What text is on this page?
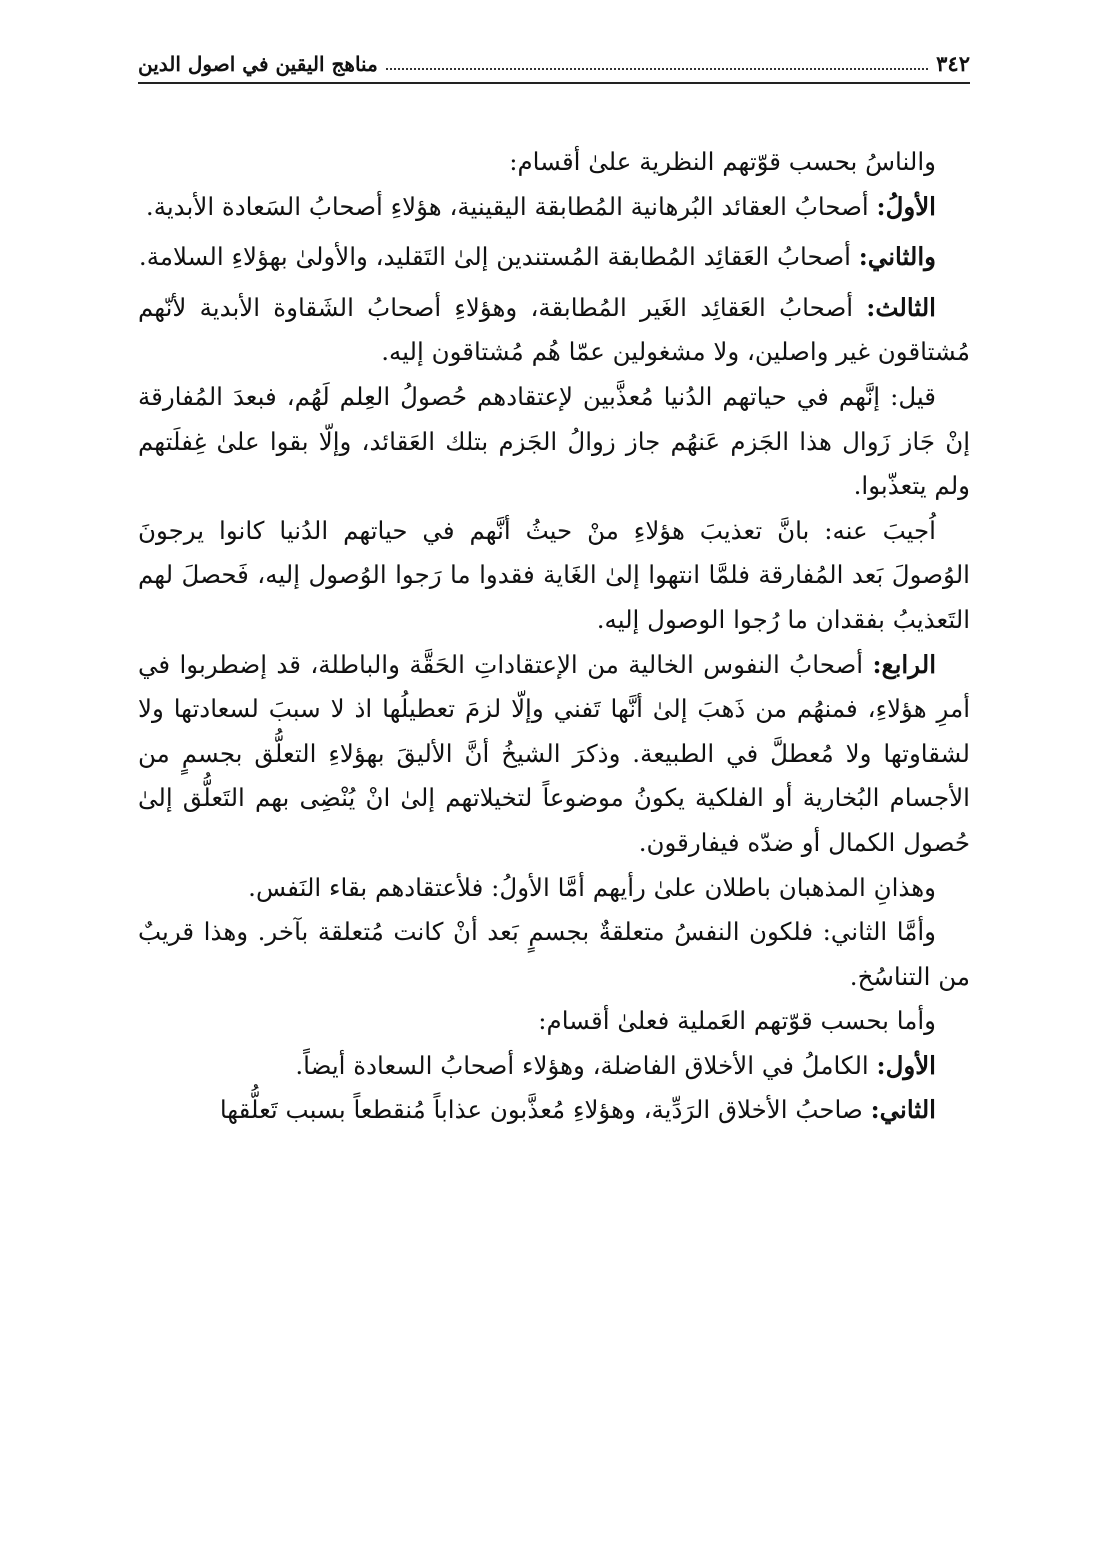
٣٤٢
مناهج اليقين في اصول الدين

والناسُ بحسب قوّتهم النظرية علىٰ أقسام:

الأولُ: أصحابُ العقائد البُرهانية المُطابقة اليقينية، هؤلاءِ أصحابُ السَعادة الأبدية.

والثاني: أصحابُ العَقائِد المُطابقة المُستندين إلىٰ التَقليد، والأولىٰ بهؤلاءِ السلامة.

الثالث: أصحابُ العَقائِد الغَير المُطابقة، وهؤلاءِ أصحابُ الشَقاوة الأبدية لأنّهم مُشتاقون غير واصلين، ولا مشغولين عمّا هُم مُشتاقون إليه.

قيل: إنَّهم في حياتهم الدُنيا مُعذَّبين لإعتقادهم حُصولُ العِلم لَهُم، فبعدَ المُفارقة إنْ جَاز زَوال هذا الجَزم عَنهُم جاز زوالُ الجَزم بتلك العَقائد، وإلّا بقوا علىٰ غِفلَتهم ولم يتعذّبوا.

اُجيبَ عنه: بانَّ تعذيبَ هؤلاءِ منْ حيثُ أنَّهم في حياتهم الدُنيا كانوا يرجونَ الوُصولَ بَعد المُفارقة فلمَّا انتهوا إلىٰ الغَاية فقدوا ما رَجوا الوُصول إليه، فَحصلَ لهم التَعذيبُ بفقدان ما رُجوا الوصول إليه.

الرابع: أصحابُ النفوس الخالية من الإعتقاداتِ الحَقَّة والباطلة، قد إضطربوا في أمرِ هؤلاءِ، فمنهُم من ذَهبَ إلىٰ أنَّها تَفني وإلّا لزمَ تعطيلُها اذ لا سببَ لسعادتها ولا لشقاوتها ولا مُعطلَّ في الطبيعة. وذكرَ الشيخُ أنَّ الأليقَ بهؤلاءِ التعلُّق بجسمٍ من الأجسام البُخارية أو الفلكية يكونُ موضوعاً لتخيلاتهم إلىٰ انْ يُنْضِى بهم التَعلُّق إلىٰ حُصول الكمال أو ضدّه فيفارقون.

وهذانِ المذهبان باطلان علىٰ رأيهم أمَّا الأولُ: فلأعتقادهم بقاء النَفس.

وأمَّا الثاني: فلكون النفسُ متعلقةٌ بجسمٍ بَعد أنْ كانت مُتعلقة بآخر. وهذا قريبٌ من التناسُخ.

وأما بحسب قوّتهم العَملية فعلىٰ أقسام:

الأول: الكاملُ في الأخلاق الفاضلة، وهؤلاء أصحابُ السعادة أيضاً.

الثاني: صاحبُ الأخلاق الرَدِّية، وهؤلاءِ مُعذَّبون عذاباً مُنقطعاً بسبب تَعلُّقها
